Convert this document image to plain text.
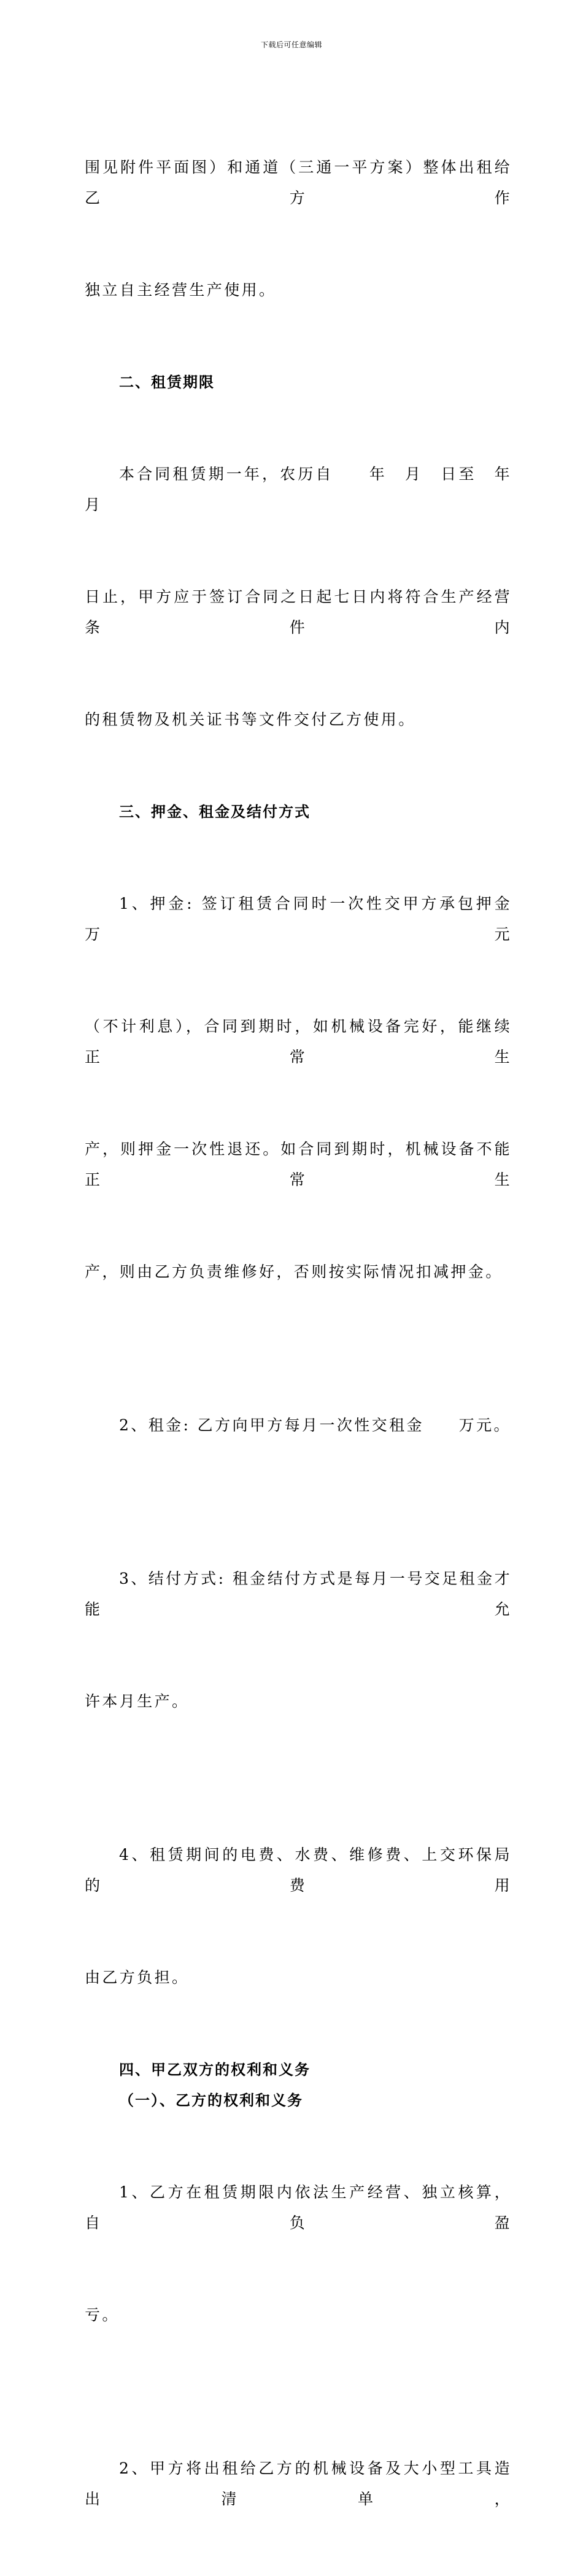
下载后可任意编辑

围见附件平面图）和通道（三通一平方案）整体出租给乙方作

独立自主经营生产使用。

二、租赁期限

本合同租赁期一年，农历自　　年　月　日至　年　月

日止，甲方应于签订合同之日起七日内将符合生产经营条件内

的租赁物及机关证书等文件交付乙方使用。

三、押金、租金及结付方式

1、押金: 签订租赁合同时一次性交甲方承包押金　　万元

（不计利息），合同到期时，如机械设备完好，能继续正常生

产，则押金一次性退还。如合同到期时，机械设备不能正常生

产，则由乙方负责维修好，否则按实际情况扣减押金。

2、租金: 乙方向甲方每月一次性交租金　　万元。

3、结付方式: 租金结付方式是每月一号交足租金才能允

许本月生产。

4、租赁期间的电费、水费、维修费、上交环保局的费用

由乙方负担。

四、甲乙双方的权利和义务

（一）、乙方的权利和义务

1、乙方在租赁期限内依法生产经营、独立核算，自负盈

亏。

2、甲方将出租给乙方的机械设备及大小型工具造出清单，
